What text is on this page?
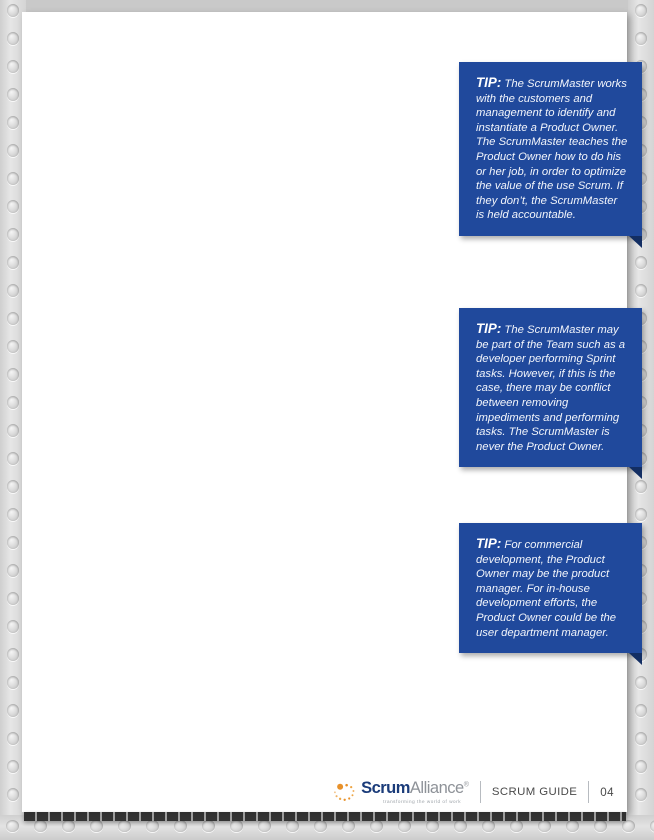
TIP: The ScrumMaster works with the customers and management to identify and instantiate a Product Owner. The ScrumMaster teaches the Product Owner how to do his or her job, in order to optimize the value of the use Scrum. If they don’t, the ScrumMaster is held accountable.
TIP: The ScrumMaster may be part of the Team such as a developer performing Sprint tasks. However, if this is the case, there may be conflict between removing impediments and performing tasks. The ScrumMaster is never the Product Owner.
TIP: For commercial development, the Product Owner may be the product manager. For in-house development efforts, the Product Owner could be the user department manager.
ScrumAlliance®
transforming the world of work
SCRUM GUIDE 04
